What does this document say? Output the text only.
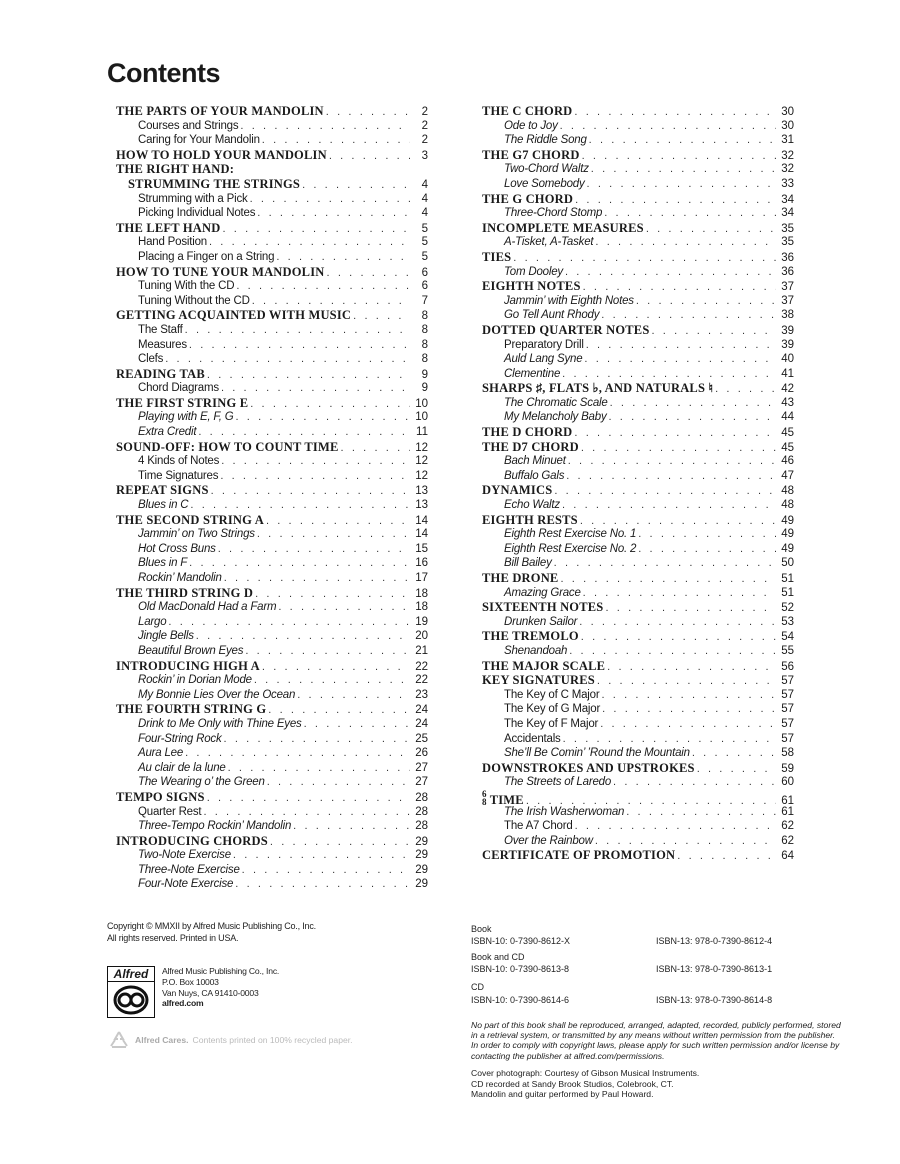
Contents
THE PARTS OF YOUR MANDOLIN . . .	2
Courses and Strings . . .	2
Caring for Your Mandolin . . .	2
HOW TO HOLD YOUR MANDOLIN . . .	3
THE RIGHT HAND:
STRUMMING THE STRINGS . . .	4
Strumming with a Pick . . .	4
Picking Individual Notes . . .	4
THE LEFT HAND . . .	5
Hand Position . . .	5
Placing a Finger on a String . . .	5
HOW TO TUNE YOUR MANDOLIN . . .	6
Tuning With the CD . . .	6
Tuning Without the CD . . .	7
GETTING ACQUAINTED WITH MUSIC . . .	8
The Staff . . .	8
Measures . . .	8
Clefs . . .	8
READING TAB . . .	9
Chord Diagrams . . .	9
THE FIRST STRING E . . .	10
Playing with E, F, G . . .	10
Extra Credit . . .	11
SOUND-OFF: HOW TO COUNT TIME . . .	12
4 Kinds of Notes . . .	12
Time Signatures . . .	12
REPEAT SIGNS . . .	13
Blues in C . . .	13
THE SECOND STRING A . . .	14
Jammin’ on Two Strings . . .	14
Hot Cross Buns . . .	15
Blues in F . . .	16
Rockin’ Mandolin . . .	17
THE THIRD STRING D . . .	18
Old MacDonald Had a Farm . . .	18
Largo . . .	19
Jingle Bells . . .	20
Beautiful Brown Eyes . . .	21
INTRODUCING HIGH A . . .	22
Rockin’ in Dorian Mode . . .	22
My Bonnie Lies Over the Ocean . . .	23
THE FOURTH STRING G . . .	24
Drink to Me Only with Thine Eyes . . .	24
Four-String Rock . . .	25
Aura Lee . . .	26
Au clair de la lune . . .	27
The Wearing o’ the Green . . .	27
TEMPO SIGNS . . .	28
Quarter Rest . . .	28
Three-Tempo Rockin’ Mandolin . . .	28
INTRODUCING CHORDS . . .	29
Two-Note Exercise . . .	29
Three-Note Exercise . . .	29
Four-Note Exercise . . .	29
THE C CHORD . . .	30
Ode to Joy . . .	30
The Riddle Song . . .	31
THE G7 CHORD . . .	32
Two-Chord Waltz . . .	32
Love Somebody . . .	33
THE G CHORD . . .	34
Three-Chord Stomp . . .	34
INCOMPLETE MEASURES . . .	35
A-Tisket, A-Tasket . . .	35
TIES . . .	36
Tom Dooley . . .	36
EIGHTH NOTES . . .	37
Jammin’ with Eighth Notes . . .	37
Go Tell Aunt Rhody . . .	38
DOTTED QUARTER NOTES . . .	39
Preparatory Drill . . .	39
Auld Lang Syne . . .	40
Clementine . . .	41
SHARPS ♯, FLATS ♭, AND NATURALS ♮ . . .	42
The Chromatic Scale . . .	43
My Melancholy Baby . . .	44
THE D CHORD . . .	45
THE D7 CHORD . . .	45
Bach Minuet . . .	46
Buffalo Gals . . .	47
DYNAMICS . . .	48
Echo Waltz . . .	48
EIGHTH RESTS . . .	49
Eighth Rest Exercise No. 1 . . .	49
Eighth Rest Exercise No. 2 . . .	49
Bill Bailey . . .	50
THE DRONE . . .	51
Amazing Grace . . .	51
SIXTEENTH NOTES . . .	52
Drunken Sailor . . .	53
THE TREMOLO . . .	54
Shenandoah . . .	55
THE MAJOR SCALE . . .	56
KEY SIGNATURES . . .	57
The Key of C Major . . .	57
The Key of G Major . . .	57
The Key of F Major . . .	57
Accidentals . . .	57
She’ll Be Comin’ ’Round the Mountain . . .	58
DOWNSTROKES AND UPSTROKES . . .	59
The Streets of Laredo . . .	60
6
8 TIME . . .	61
The Irish Washerwoman . . .	61
The A7 Chord . . .	62
Over the Rainbow . . .	62
CERTIFICATE OF PROMOTION . . .	64
Copyright © MMXII by Alfred Music Publishing Co., Inc.
All rights reserved. Printed in USA.
Alfred	Alfred Music Publishing Co., Inc.
P.O. Box 10003
Van Nuys, CA 91410-0003
alfred.com
Alfred Cares. Contents printed on 100% recycled paper.
Book
ISBN-10: 0-7390-8612-X	ISBN-13: 978-0-7390-8612-4
Book and CD
ISBN-10: 0-7390-8613-8	ISBN-13: 978-0-7390-8613-1
CD
ISBN-10: 0-7390-8614-6	ISBN-13: 978-0-7390-8614-8
No part of this book shall be reproduced, arranged, adapted, recorded, publicly performed, stored in a retrieval system, or transmitted by any means without written permission from the publisher. In order to comply with copyright laws, please apply for such written permission and/or license by contacting the publisher at alfred.com/permissions.
Cover photograph: Courtesy of Gibson Musical Instruments.
CD recorded at Sandy Brook Studios, Colebrook, CT.
Mandolin and guitar performed by Paul Howard.
